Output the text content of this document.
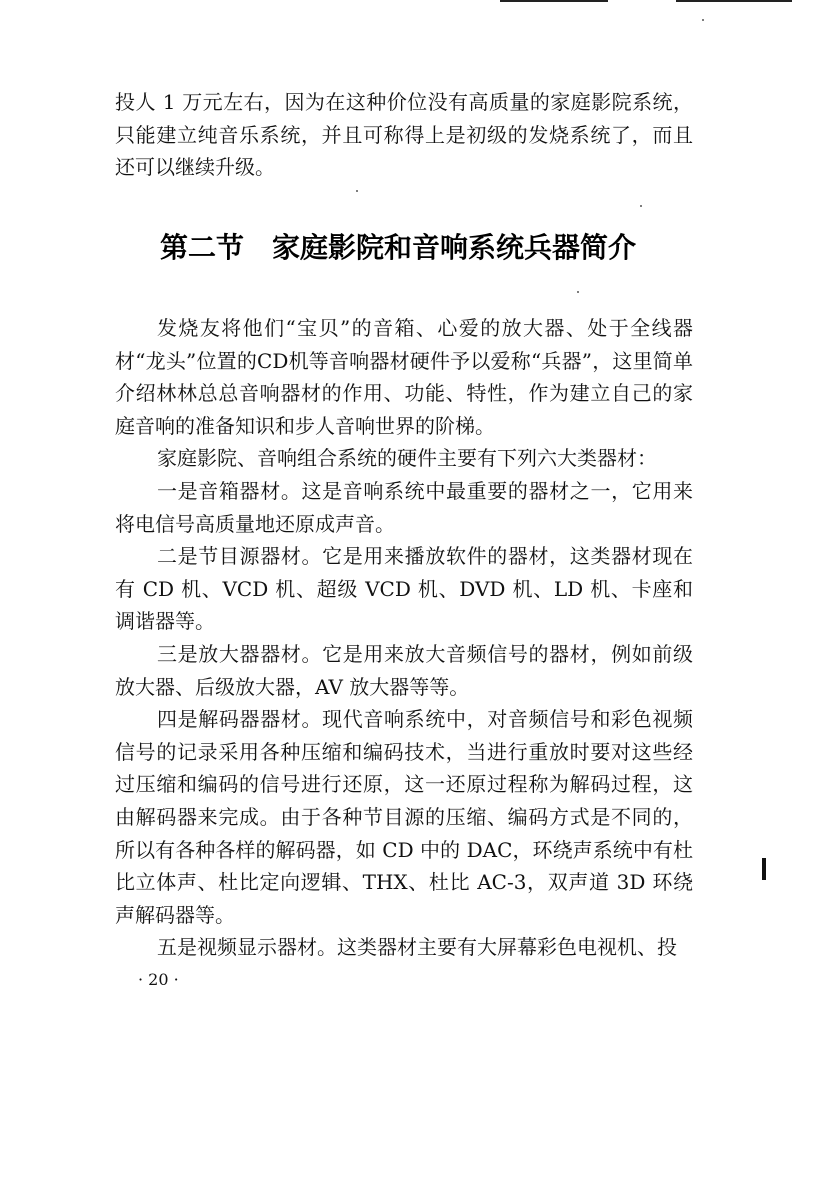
投人 1 万元左右，因为在这种价位没有高质量的家庭影院系统，只能建立纯音乐系统，并且可称得上是初级的发烧系统了，而且还可以继续升级。

第二节　家庭影院和音响系统兵器简介

发烧友将他们“宝贝”的音箱、心爱的放大器、处于全线器材“龙头”位置的CD机等音响器材硬件予以爱称“兵器”，这里简单介绍林林总总音响器材的作用、功能、特性，作为建立自己的家庭音响的准备知识和步人音响世界的阶梯。

家庭影院、音响组合系统的硬件主要有下列六大类器材：

一是音箱器材。这是音响系统中最重要的器材之一，它用来将电信号高质量地还原成声音。

二是节目源器材。它是用来播放软件的器材，这类器材现在有 CD 机、VCD 机、超级 VCD 机、DVD 机、LD 机、卡座和调谐器等。

三是放大器器材。它是用来放大音频信号的器材，例如前级放大器、后级放大器，AV 放大器等等。

四是解码器器材。现代音响系统中，对音频信号和彩色视频信号的记录采用各种压缩和编码技术，当进行重放时要对这些经过压缩和编码的信号进行还原，这一还原过程称为解码过程，这由解码器来完成。由于各种节目源的压缩、编码方式是不同的，所以有各种各样的解码器，如 CD 中的 DAC，环绕声系统中有杜比立体声、杜比定向逻辑、THX、杜比 AC-3，双声道 3D 环绕声解码器等。

五是视频显示器材。这类器材主要有大屏幕彩色电视机、投

· 20 ·
